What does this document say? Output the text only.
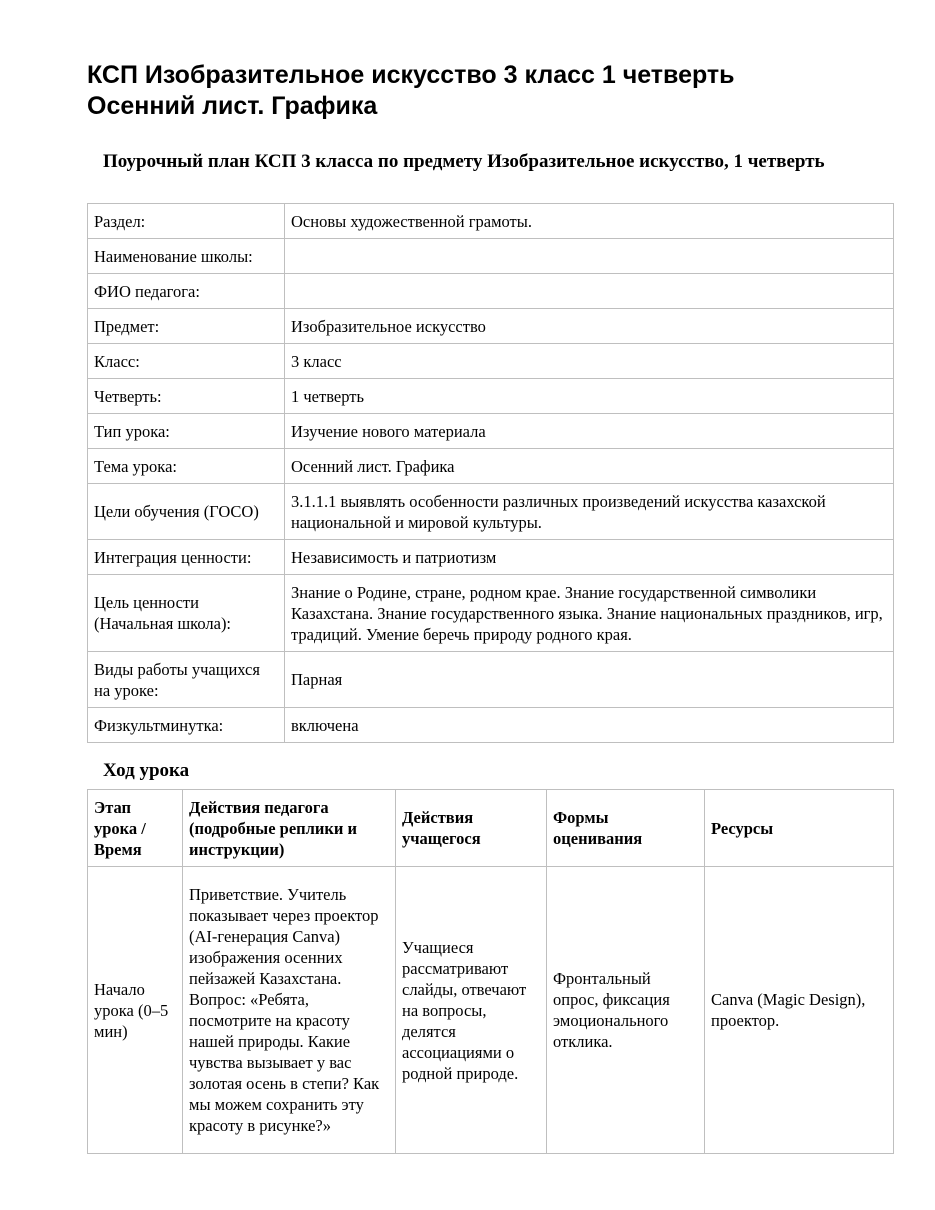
КСП Изобразительное искусство 3 класс 1 четверть
Осенний лист. Графика
Поурочный план КСП 3 класса по предмету Изобразительное искусство, 1 четверть
Раздел:	Основы художественной грамоты.
Наименование школы:	
ФИО педагога:	
Предмет:	Изобразительное искусство
Класс:	3 класс
Четверть:	1 четверть
Тип урока:	Изучение нового материала
Тема урока:	Осенний лист. Графика
Цели обучения (ГОСО)	3.1.1.1 выявлять особенности различных произведений искусства казахской национальной и мировой культуры.
Интеграция ценности:	Независимость и патриотизм
Цель ценности (Начальная школа):	Знание о Родине, стране, родном крае. Знание государственной символики Казахстана. Знание государственного языка. Знание национальных праздников, игр, традиций. Умение беречь природу родного края.
Виды работы учащихся на уроке:	Парная
Физкультминутка:	включена
Ход урока
Этап урока / Время	Действия педагога (подробные реплики и инструкции)	Действия учащегося	Формы оценивания	Ресурсы
Начало урока (0–5 мин)	Приветствие. Учитель показывает через проектор (AI-генерация Canva) изображения осенних пейзажей Казахстана. Вопрос: «Ребята, посмотрите на красоту нашей природы. Какие чувства вызывает у вас золотая осень в степи? Как мы можем сохранить эту красоту в рисунке?»	Учащиеся рассматривают слайды, отвечают на вопросы, делятся ассоциациями о родной природе.	Фронтальный опрос, фиксация эмоционального отклика.	Canva (Magic Design), проектор.
